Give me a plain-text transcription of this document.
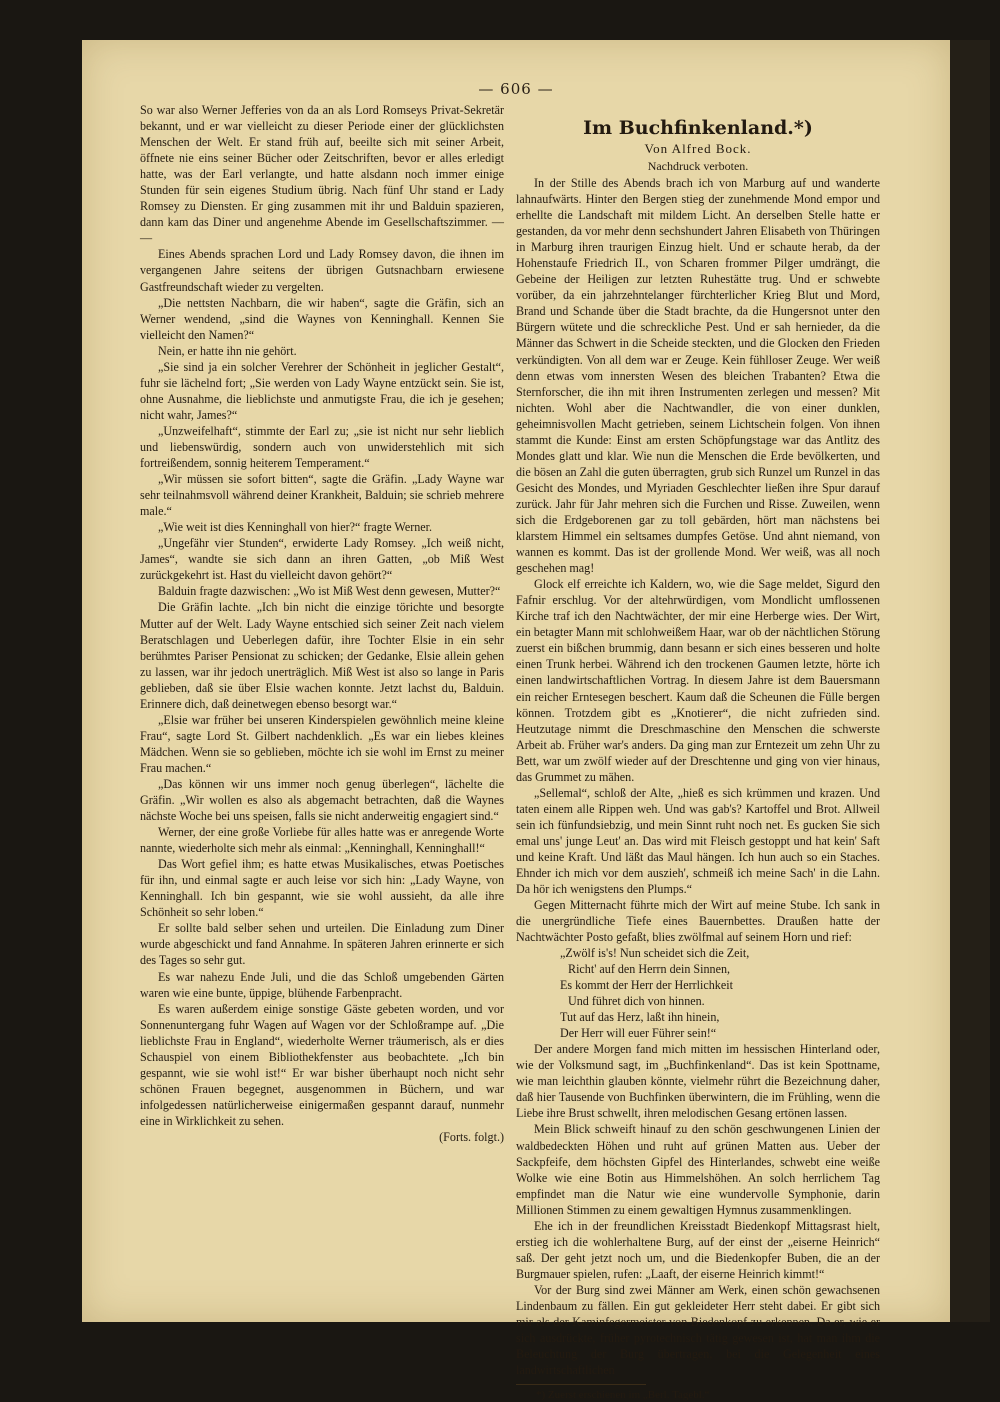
— 606 —

So war also Werner Jefferies von da an als Lord Romseys Privat-Sekretär bekannt, und er war vielleicht zu dieser Periode einer der glücklichsten Menschen der Welt. Er stand früh auf, beeilte sich mit seiner Arbeit, öffnete nie eins seiner Bücher oder Zeitschriften, bevor er alles erledigt hatte, was der Earl verlangte, und hatte alsdann noch immer einige Stunden für sein eigenes Studium übrig. Nach fünf Uhr stand er Lady Romsey zu Diensten. Er ging zusammen mit ihr und Balduin spazieren, dann kam das Diner und angenehme Abende im Gesellschaftszimmer. — —

Eines Abends sprachen Lord und Lady Romsey davon, die ihnen im vergangenen Jahre seitens der übrigen Gutsnachbarn erwiesene Gastfreundschaft wieder zu vergelten.

„Die nettsten Nachbarn, die wir haben“, sagte die Gräfin, sich an Werner wendend, „sind die Waynes von Kenninghall. Kennen Sie vielleicht den Namen?“

Nein, er hatte ihn nie gehört.

„Sie sind ja ein solcher Verehrer der Schönheit in jeglicher Gestalt“, fuhr sie lächelnd fort; „Sie werden von Lady Wayne entzückt sein. Sie ist, ohne Ausnahme, die lieblichste und anmutigste Frau, die ich je gesehen; nicht wahr, James?“

„Unzweifelhaft“, stimmte der Earl zu; „sie ist nicht nur sehr lieblich und liebenswürdig, sondern auch von unwiderstehlich mit sich fortreißendem, sonnig heiterem Temperament.“

„Wir müssen sie sofort bitten“, sagte die Gräfin. „Lady Wayne war sehr teilnahmsvoll während deiner Krankheit, Balduin; sie schrieb mehrere male.“

„Wie weit ist dies Kenninghall von hier?“ fragte Werner.

„Ungefähr vier Stunden“, erwiderte Lady Romsey. „Ich weiß nicht, James“, wandte sie sich dann an ihren Gatten, „ob Miß West zurückgekehrt ist. Hast du vielleicht davon gehört?“

Balduin fragte dazwischen: „Wo ist Miß West denn gewesen, Mutter?“

Die Gräfin lachte. „Ich bin nicht die einzige törichte und besorgte Mutter auf der Welt. Lady Wayne entschied sich seiner Zeit nach vielem Beratschlagen und Ueberlegen dafür, ihre Tochter Elsie in ein sehr berühmtes Pariser Pensionat zu schicken; der Gedanke, Elsie allein gehen zu lassen, war ihr jedoch unerträglich. Miß West ist also so lange in Paris geblieben, daß sie über Elsie wachen konnte. Jetzt lachst du, Balduin. Erinnere dich, daß deinetwegen ebenso besorgt war.“

„Elsie war früher bei unseren Kinderspielen gewöhnlich meine kleine Frau“, sagte Lord St. Gilbert nachdenklich. „Es war ein liebes kleines Mädchen. Wenn sie so geblieben, möchte ich sie wohl im Ernst zu meiner Frau machen.“

„Das können wir uns immer noch genug überlegen“, lächelte die Gräfin. „Wir wollen es also als abgemacht betrachten, daß die Waynes nächste Woche bei uns speisen, falls sie nicht anderweitig engagiert sind.“

Werner, der eine große Vorliebe für alles hatte was er anregende Worte nannte, wiederholte sich mehr als einmal: „Kenninghall, Kenninghall!“

Das Wort gefiel ihm; es hatte etwas Musikalisches, etwas Poetisches für ihn, und einmal sagte er auch leise vor sich hin: „Lady Wayne, von Kenninghall. Ich bin gespannt, wie sie wohl aussieht, da alle ihre Schönheit so sehr loben.“

Er sollte bald selber sehen und urteilen. Die Einladung zum Diner wurde abgeschickt und fand Annahme. In späteren Jahren erinnerte er sich des Tages so sehr gut.

Es war nahezu Ende Juli, und die das Schloß umgebenden Gärten waren wie eine bunte, üppige, blühende Farbenpracht.

Es waren außerdem einige sonstige Gäste gebeten worden, und vor Sonnenuntergang fuhr Wagen auf Wagen vor der Schloßrampe auf. „Die lieblichste Frau in England“, wiederholte Werner träumerisch, als er dies Schauspiel von einem Bibliothekfenster aus beobachtete. „Ich bin gespannt, wie sie wohl ist!“ Er war bisher überhaupt noch nicht sehr schönen Frauen begegnet, ausgenommen in Büchern, und war infolgedessen natürlicherweise einigermaßen gespannt darauf, nunmehr eine in Wirklichkeit zu sehen.

(Forts. folgt.)
Im Buchfinkenland.*)
Von Alfred Bock.
Nachdruck verboten.

In der Stille des Abends brach ich von Marburg auf und wanderte lahnaufwärts. Hinter den Bergen stieg der zunehmende Mond empor und erhellte die Landschaft mit mildem Licht. An derselben Stelle hatte er gestanden, da vor mehr denn sechshundert Jahren Elisabeth von Thüringen in Marburg ihren traurigen Einzug hielt. Und er schaute herab, da der Hohenstaufe Friedrich II., von Scharen frommer Pilger umdrängt, die Gebeine der Heiligen zur letzten Ruhestätte trug. Und er schwebte vorüber, da ein jahrzehntelanger fürchterlicher Krieg Blut und Mord, Brand und Schande über die Stadt brachte, da die Hungersnot unter den Bürgern wütete und die schreckliche Pest. Und er sah hernieder, da die Männer das Schwert in die Scheide steckten, und die Glocken den Frieden verkündigten. Von all dem war er Zeuge. Kein fühlloser Zeuge. Wer weiß denn etwas vom innersten Wesen des bleichen Trabanten? Etwa die Sternforscher, die ihn mit ihren Instrumenten zerlegen und messen? Mit nichten. Wohl aber die Nachtwandler, die von einer dunklen, geheimnisvollen Macht getrieben, seinem Lichtschein folgen. Von ihnen stammt die Kunde: Einst am ersten Schöpfungstage war das Antlitz des Mondes glatt und klar. Wie nun die Menschen die Erde bevölkerten, und die bösen an Zahl die guten überragten, grub sich Runzel um Runzel in das Gesicht des Mondes, und Myriaden Geschlechter ließen ihre Spur darauf zurück. Jahr für Jahr mehren sich die Furchen und Risse. Zuweilen, wenn sich die Erdgeborenen gar zu toll gebärden, hört man nächstens bei klarstem Himmel ein seltsames dumpfes Getöse. Und ahnt niemand, von wannen es kommt. Das ist der grollende Mond. Wer weiß, was all noch geschehen mag!

Glock elf erreichte ich Kaldern, wo, wie die Sage meldet, Sigurd den Fafnir erschlug. Vor der altehrwürdigen, vom Mondlicht umflossenen Kirche traf ich den Nachtwächter, der mir eine Herberge wies. Der Wirt, ein betagter Mann mit schlohweißem Haar, war ob der nächtlichen Störung zuerst ein bißchen brummig, dann besann er sich eines besseren und holte einen Trunk herbei. Während ich den trockenen Gaumen letzte, hörte ich einen landwirtschaftlichen Vortrag. In diesem Jahre ist dem Bauersmann ein reicher Erntesegen beschert. Kaum daß die Scheunen die Fülle bergen können. Trotzdem gibt es „Knotierer“, die nicht zufrieden sind. Heutzutage nimmt die Dreschmaschine den Menschen die schwerste Arbeit ab. Früher war's anders. Da ging man zur Erntezeit um zehn Uhr zu Bett, war um zwölf wieder auf der Dreschtenne und ging von vier hinaus, das Grummet zu mähen.

„Sellemal“, schloß der Alte, „hieß es sich krümmen und krazen. Und taten einem alle Rippen weh. Und was gab's? Kartoffel und Brot. Allweil sein ich fünfundsiebzig, und mein Sinnt ruht noch net. Es gucken Sie sich emal uns' junge Leut' an. Das wird mit Fleisch gestoppt und hat kein' Saft und keine Kraft. Und läßt das Maul hängen. Ich hun auch so ein Staches. Ehnder ich mich vor dem auszieh', schmeiß ich meine Sach' in die Lahn. Da hör ich wenigstens den Plumps.“

Gegen Mitternacht führte mich der Wirt auf meine Stube. Ich sank in die unergründliche Tiefe eines Bauernbettes. Draußen hatte der Nachtwächter Posto gefaßt, blies zwölfmal auf seinem Horn und rief:

„Zwölf is's! Nun scheidet sich die Zeit,
Richt' auf den Herrn dein Sinnen,
Es kommt der Herr der Herrlichkeit
Und führet dich von hinnen.
Tut auf das Herz, laßt ihn hinein,
Der Herr will euer Führer sein!“

Der andere Morgen fand mich mitten im hessischen Hinterland oder, wie der Volksmund sagt, im „Buchfinkenland“. Das ist kein Spottname, wie man leichthin glauben könnte, vielmehr rührt die Bezeichnung daher, daß hier Tausende von Buchfinken überwintern, die im Frühling, wenn die Liebe ihre Brust schwellt, ihren melodischen Gesang ertönen lassen.

Mein Blick schweift hinauf zu den schön geschwungenen Linien der waldbedeckten Höhen und ruht auf grünen Matten aus. Ueber der Sackpfeife, dem höchsten Gipfel des Hinterlandes, schwebt eine weiße Wolke wie eine Botin aus Himmelshöhen. An solch herrlichem Tag empfindet man die Natur wie eine wundervolle Symphonie, darin Millionen Stimmen zu einem gewaltigen Hymnus zusammenklingen.

Ehe ich in der freundlichen Kreisstadt Biedenkopf Mittagsrast hielt, erstieg ich die wohlerhaltene Burg, auf der einst der „eiserne Heinrich“ saß. Der geht jetzt noch um, und die Biedenkopfer Buben, die an der Burgmauer spielen, rufen: „Laaft, der eiserne Heinrich kimmt!“

Vor der Burg sind zwei Männer am Werk, einen schön gewachsenen Lindenbaum zu fällen. Ein gut gekleideter Herr steht dabei. Er gibt sich mir als der Kaminfegermeister von Biedenkopf zu erkennen. Da er, wie er sich ausdrückte, früher pyrotechnisch tätig gewesen ist, hat man ihm die Beleuchtung der Burg übertragen, bei die Gelegenheit eines landwirtschaftlichen

*) Zuerst erschienen im „Berl. Tagebl.“
